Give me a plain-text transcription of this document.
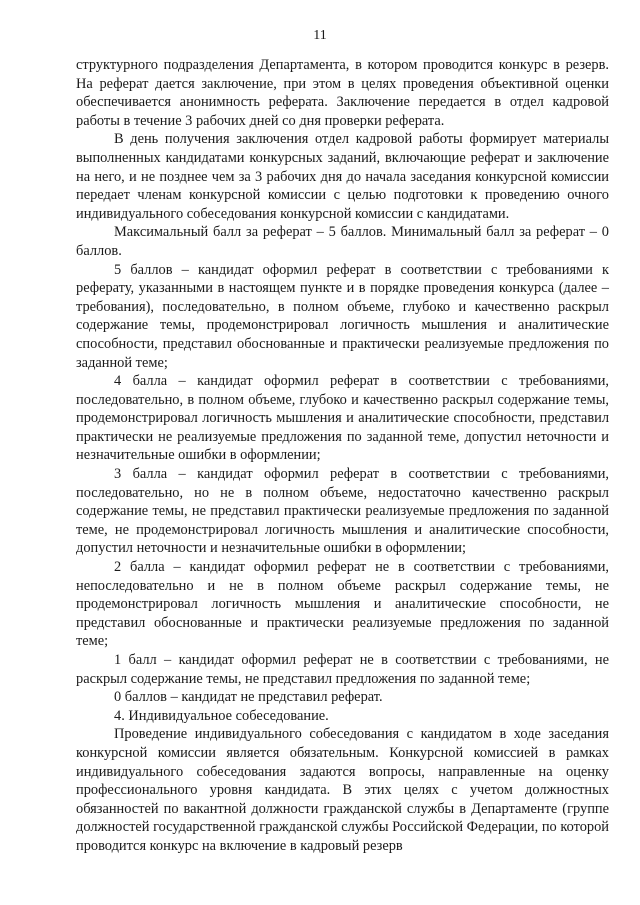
11

структурного подразделения Департамента, в котором проводится конкурс в резерв. На реферат дается заключение, при этом в целях проведения объективной оценки обеспечивается анонимность реферата. Заключение передается в отдел кадровой работы в течение 3 рабочих дней со дня проверки реферата.

В день получения заключения отдел кадровой работы формирует материалы выполненных кандидатами конкурсных заданий, включающие реферат и заключение на него, и не позднее чем за 3 рабочих дня до начала заседания конкурсной комиссии передает членам конкурсной комиссии с целью подготовки к проведению очного индивидуального собеседования конкурсной комиссии с кандидатами.

Максимальный балл за реферат – 5 баллов. Минимальный балл за реферат – 0 баллов.

5 баллов – кандидат оформил реферат в соответствии с требованиями к реферату, указанными в настоящем пункте и в порядке проведения конкурса (далее – требования), последовательно, в полном объеме, глубоко и качественно раскрыл содержание темы, продемонстрировал логичность мышления и аналитические способности, представил обоснованные и практически реализуемые предложения по заданной теме;

4 балла – кандидат оформил реферат в соответствии с требованиями, последовательно, в полном объеме, глубоко и качественно раскрыл содержание темы, продемонстрировал логичность мышления и аналитические способности, представил практически не реализуемые предложения по заданной теме, допустил неточности и незначительные ошибки в оформлении;

3 балла – кандидат оформил реферат в соответствии с требованиями, последовательно, но не в полном объеме, недостаточно качественно раскрыл содержание темы, не представил практически реализуемые предложения по заданной теме, не продемонстрировал логичность мышления и аналитические способности, допустил неточности и незначительные ошибки в оформлении;

2 балла – кандидат оформил реферат не в соответствии с требованиями, непоследовательно и не в полном объеме раскрыл содержание темы, не продемонстрировал логичность мышления и аналитические способности, не представил обоснованные и практически реализуемые предложения по заданной теме;

1 балл – кандидат оформил реферат не в соответствии с требованиями, не раскрыл содержание темы, не представил предложения по заданной теме;

0 баллов – кандидат не представил реферат.

4. Индивидуальное собеседование.

Проведение индивидуального собеседования с кандидатом в ходе заседания конкурсной комиссии является обязательным. Конкурсной комиссией в рамках индивидуального собеседования задаются вопросы, направленные на оценку профессионального уровня кандидата. В этих целях с учетом должностных обязанностей по вакантной должности гражданской службы в Департаменте (группе должностей государственной гражданской службы Российской Федерации, по которой проводится конкурс на включение в кадровый резерв
